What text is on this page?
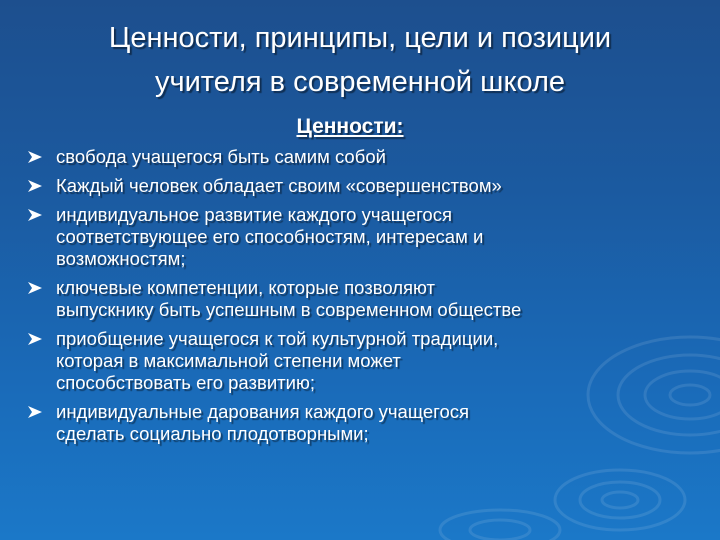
Ценности, принципы, цели и позиции
учителя в современной школе
Ценности:
свобода учащегося быть самим собой
Каждый человек обладает своим «совершенством»
индивидуальное развитие каждого учащегося
соответствующее его способностям, интересам и
возможностям;
ключевые компетенции, которые позволяют
выпускнику быть успешным в современном обществе
приобщение учащегося к той культурной традиции,
которая в максимальной степени может
способствовать его развитию;
индивидуальные дарования каждого учащегося
сделать социально плодотворными;
